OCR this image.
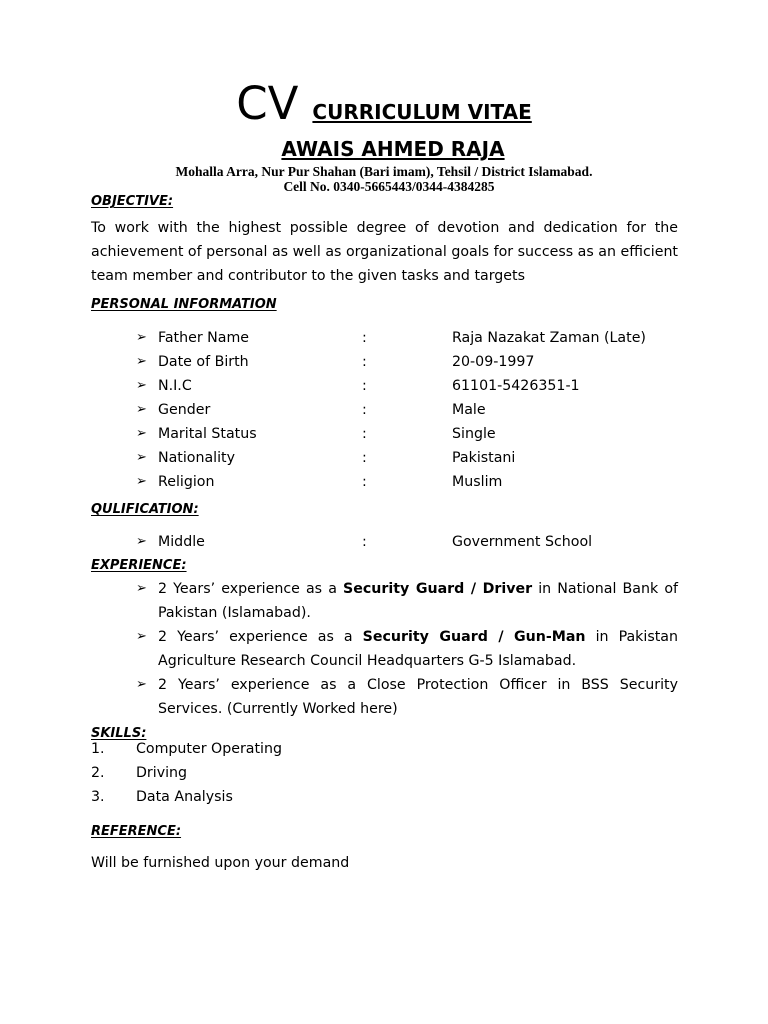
CV CURRICULUM VITAE
AWAIS AHMED RAJA
Mohalla Arra, Nur Pur Shahan (Bari imam), Tehsil / District Islamabad.
Cell No. 0340-5665443/0344-4384285
OBJECTIVE:
To work with the highest possible degree of devotion and dedication for the
achievement of personal as well as organizational goals for success as an efficient
team member and contributor to the given tasks and targets
PERSONAL INFORMATION
➢ Father Name	:	Raja Nazakat Zaman (Late)
➢ Date of Birth	:	20-09-1997
➢ N.I.C	:	61101-5426351-1
➢ Gender	:	Male
➢ Marital Status	:	Single
➢ Nationality	:	Pakistani
➢ Religion	:	Muslim
QULIFICATION:
➢ Middle	:	Government School
EXPERIENCE:
➢ 2 Years’ experience as a Security Guard / Driver in National Bank of
Pakistan (Islamabad).
➢ 2 Years’ experience as a Security Guard / Gun-Man in Pakistan
Agriculture Research Council Headquarters G-5 Islamabad.
➢ 2 Years’ experience as a Close Protection Officer in BSS Security
Services. (Currently Worked here)
SKILLS:
1. Computer Operating
2. Driving
3. Data Analysis
REFERENCE:
Will be furnished upon your demand
